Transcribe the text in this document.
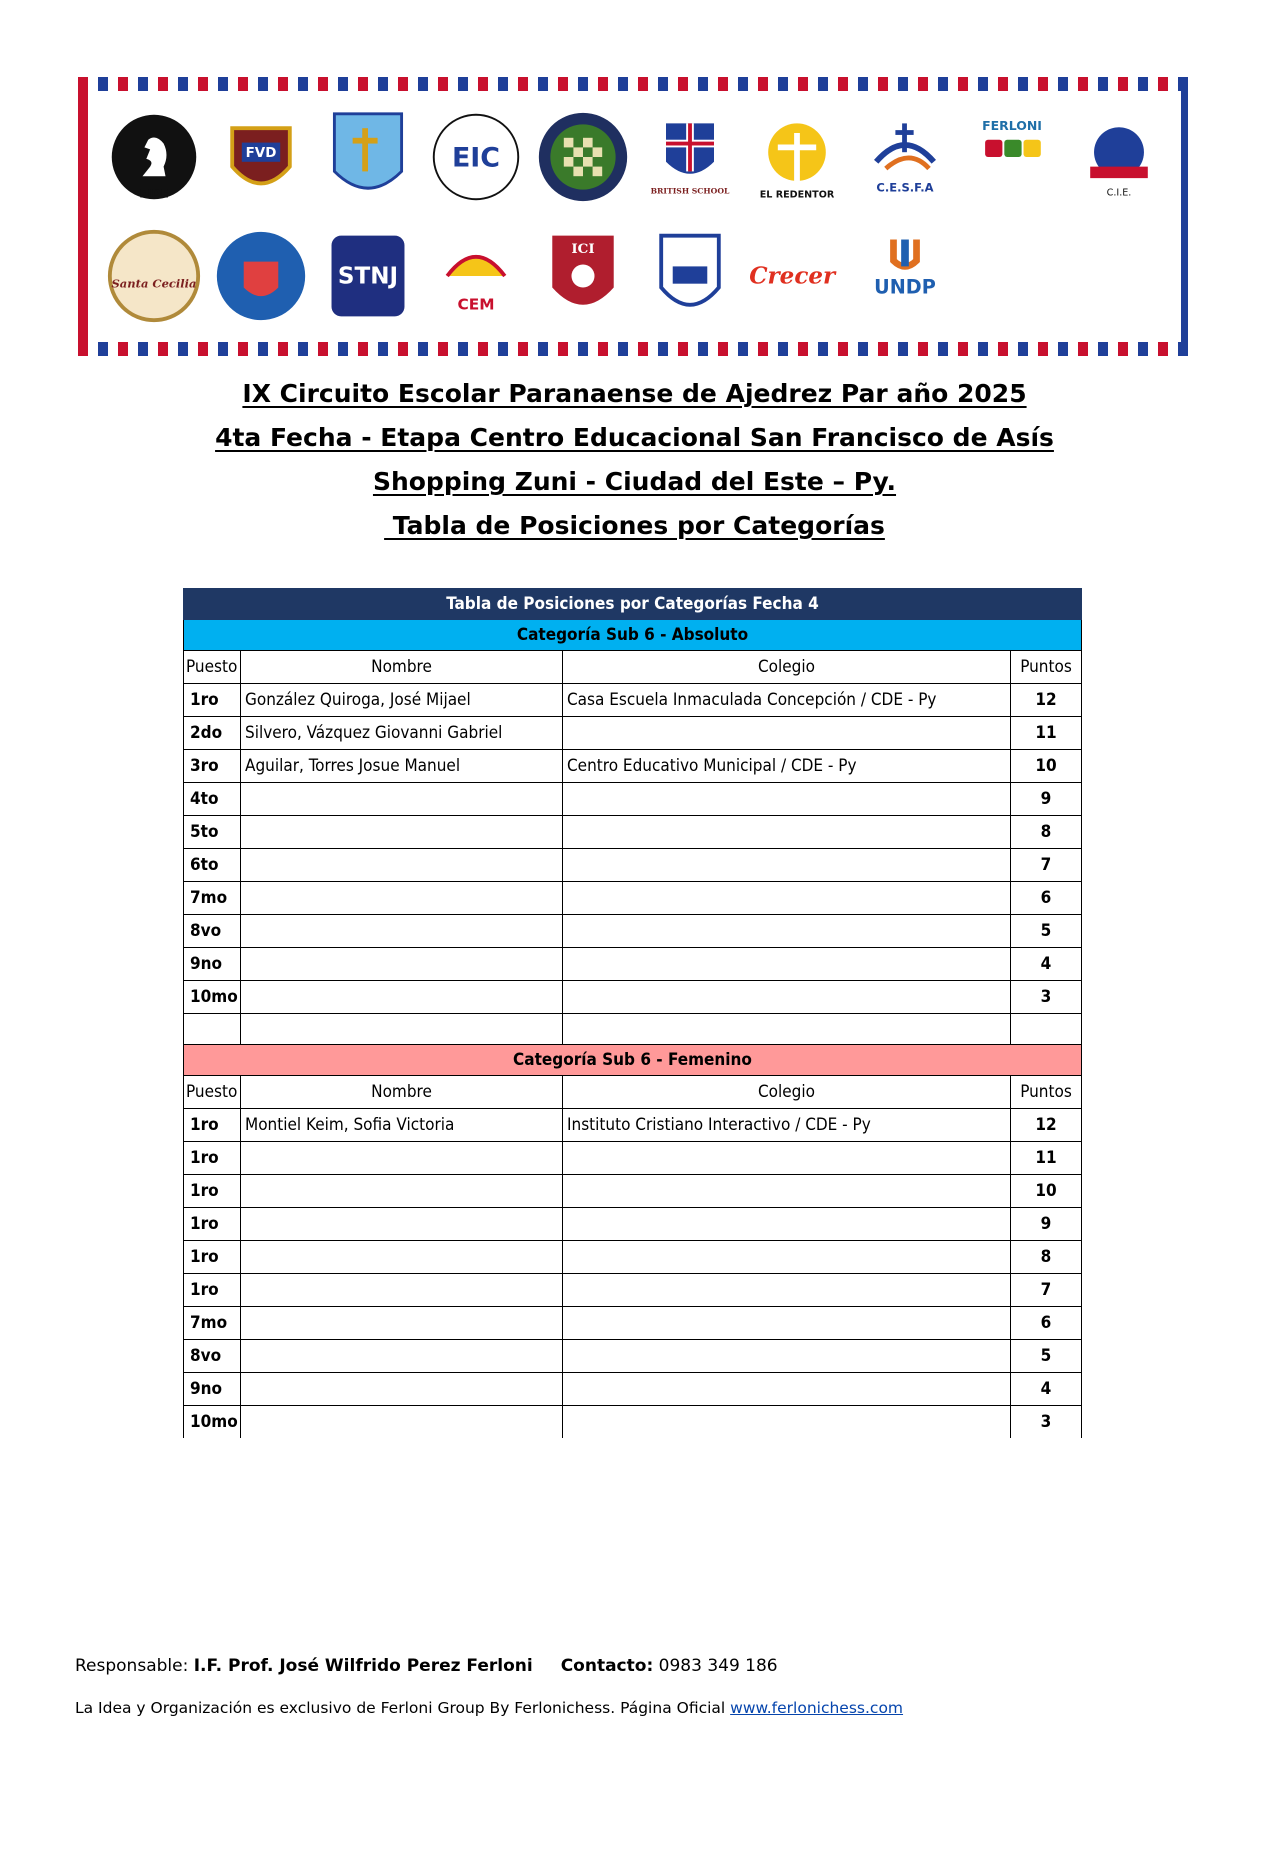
FIDE
FVD	EIC
BRITISH SCHOOL	EL REDENTOR
C.E.S.F.A
FERLONI
C.I.E.
Santa Cecilia	STNJ
CEM
ICI
Crecer UNDP
IX Circuito Escolar Paranaense de Ajedrez Par año 2025
4ta Fecha - Etapa Centro Educacional San Francisco de Asís
Shopping Zuni - Ciudad del Este – Py.
Tabla de Posiciones por Categorías
Tabla de Posiciones por Categorías Fecha 4			
Categoría Sub 6 - Absoluto			
Puesto	Nombre	Colegio	Puntos
1ro	González Quiroga, José Mijael	Casa Escuela Inmaculada Concepción / CDE - Py	12
2do	Silvero, Vázquez Giovanni Gabriel		11
3ro	Aguilar, Torres Josue Manuel	Centro Educativo Municipal / CDE - Py	10
4to			9
5to			8
6to			7
7mo			6
8vo			5
9no			4
10mo			3

Categoría Sub 6 - Femenino			
Puesto	Nombre	Colegio	Puntos
1ro	Montiel Keim, Sofia Victoria	Instituto Cristiano Interactivo / CDE - Py	12
1ro			11
1ro			10
1ro			9
1ro			8
1ro			7
7mo			6
8vo			5
9no			4
10mo			3
Responsable: I.F. Prof. José Wilfrido Perez Ferloni Contacto: 0983 349 186
La Idea y Organización es exclusivo de Ferloni Group By Ferlonichess. Página Oficial www.ferlonichess.com
